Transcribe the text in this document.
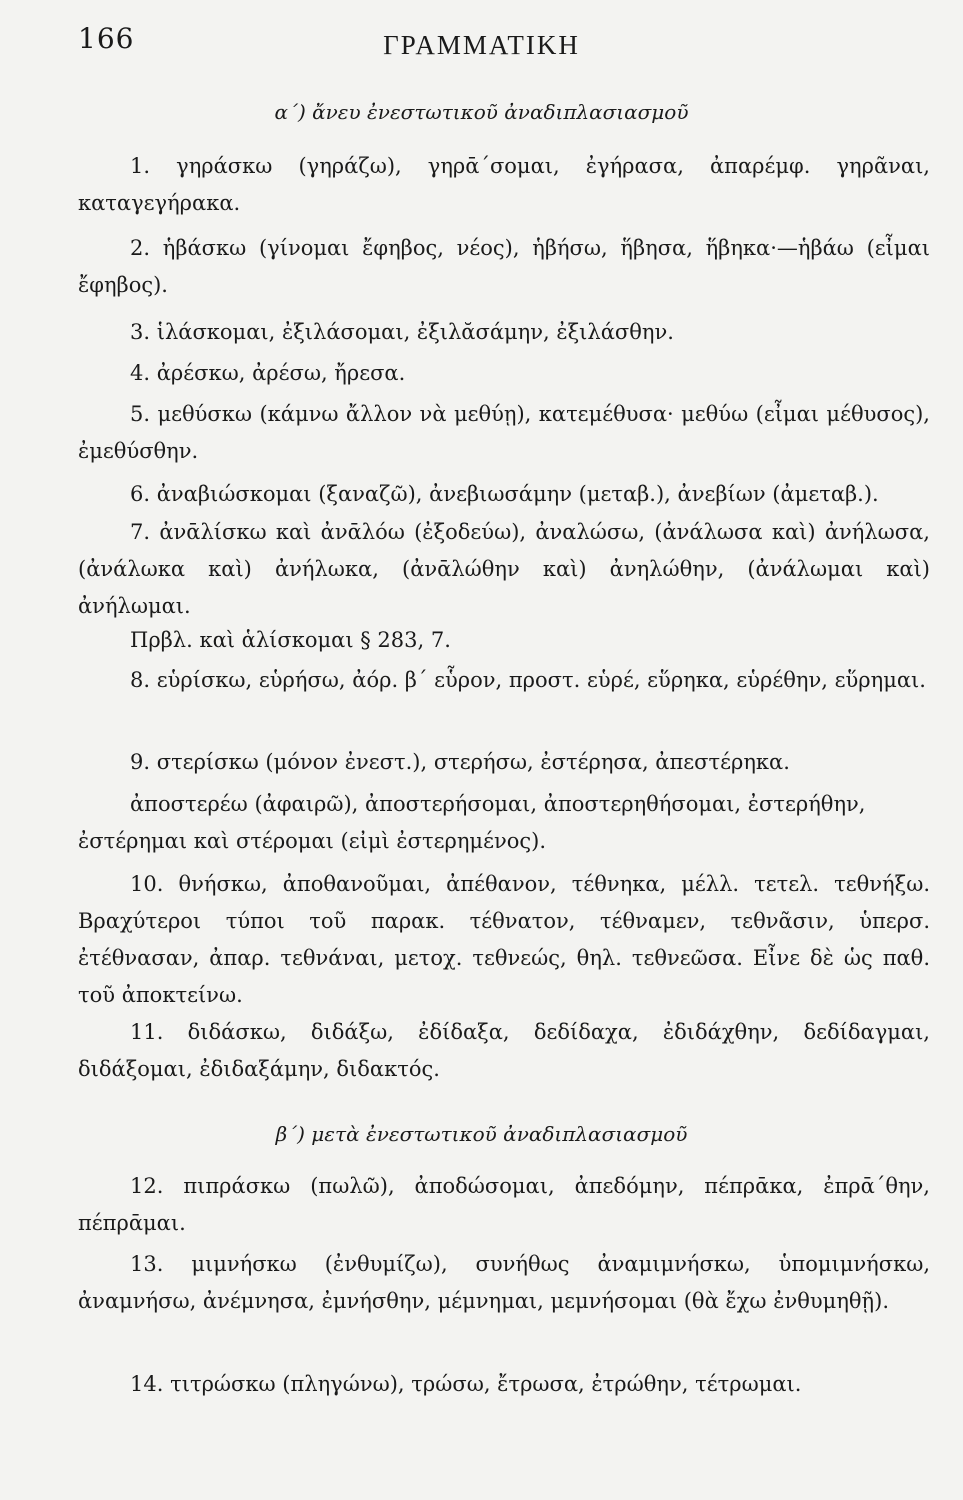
166	ΓΡΑΜΜΑΤΙΚΗ
α΄) ἄνευ ἐνεστωτικοῦ ἀναδιπλασιασμοῦ
1. γηράσκω (γηράζω), γηρᾱ΄σομαι, ἐγήρασα, ἀπαρέμφ. γηρᾶναι, καταγεγήρακα.
2. ἡβάσκω (γίνομαι ἔφηβος, νέος), ἡβήσω, ἥβησα, ἥβηκα·—ἡβάω (εἶμαι ἔφηβος).
3. ἱλάσκομαι, ἐξιλάσομαι, ἐξιλᾰσάμην, ἐξιλάσθην.
4. ἀρέσκω, ἀρέσω, ἤρεσα.
5. μεθύσκω (κάμνω ἄλλον νὰ μεθύῃ), κατεμέθυσα· μεθύω (εἶμαι μέθυσος), ἐμεθύσθην.
6. ἀναβιώσκομαι (ξαναζῶ), ἀνεβιωσάμην (μεταβ.), ἀνεβίων (ἀμεταβ.).
7. ἀνᾱλίσκω καὶ ἀνᾱλόω (ἐξοδεύω), ἀναλώσω, (ἀνάλωσα καὶ) ἀνήλωσα, (ἀνάλωκα καὶ) ἀνήλωκα, (ἀνᾱλώθην καὶ) ἀνηλώθην, (ἀνάλωμαι καὶ) ἀνήλωμαι.
Πρβλ. καὶ ἁλίσκομαι § 283, 7.
8. εὑρίσκω, εὑρήσω, ἀόρ. β΄ εὗρον, προστ. εὑρέ, εὕρηκα, εὑρέθην, εὕρημαι.
9. στερίσκω (μόνον ἐνεστ.), στερήσω, ἐστέρησα, ἀπεστέρηκα.
ἀποστερέω (ἀφαιρῶ), ἀποστερήσομαι, ἀποστερηθήσομαι, ἐστερήθην, ἐστέρημαι καὶ στέρομαι (εἰμὶ ἐστερημένος).
10. θνήσκω, ἀποθανοῦμαι, ἀπέθανον, τέθνηκα, μέλλ. τετελ. τεθνήξω. Βραχύτεροι τύποι τοῦ παρακ. τέθνατον, τέθναμεν, τεθνᾶσιν, ὑπερσ. ἐτέθνασαν, ἀπαρ. τεθνάναι, μετοχ. τεθνεώς, θηλ. τεθνεῶσα. Εἶνε δὲ ὡς παθ. τοῦ ἀποκτείνω.
11. διδάσκω, διδάξω, ἐδίδαξα, δεδίδαχα, ἐδιδάχθην, δεδίδαγμαι, διδάξομαι, ἐδιδαξάμην, διδακτός.
β΄) μετὰ ἐνεστωτικοῦ ἀναδιπλασιασμοῦ
12. πιπράσκω (πωλῶ), ἀποδώσομαι, ἀπεδόμην, πέπρᾱκα, ἐπρᾱ΄θην, πέπρᾱμαι.
13. μιμνήσκω (ἐνθυμίζω), συνήθως ἀναμιμνήσκω, ὑπομιμνήσκω, ἀναμνήσω, ἀνέμνησα, ἐμνήσθην, μέμνημαι, μεμνήσομαι (θὰ ἔχω ἐνθυμηθῇ).
14. τιτρώσκω (πληγώνω), τρώσω, ἔτρωσα, ἐτρώθην, τέτρωμαι.
